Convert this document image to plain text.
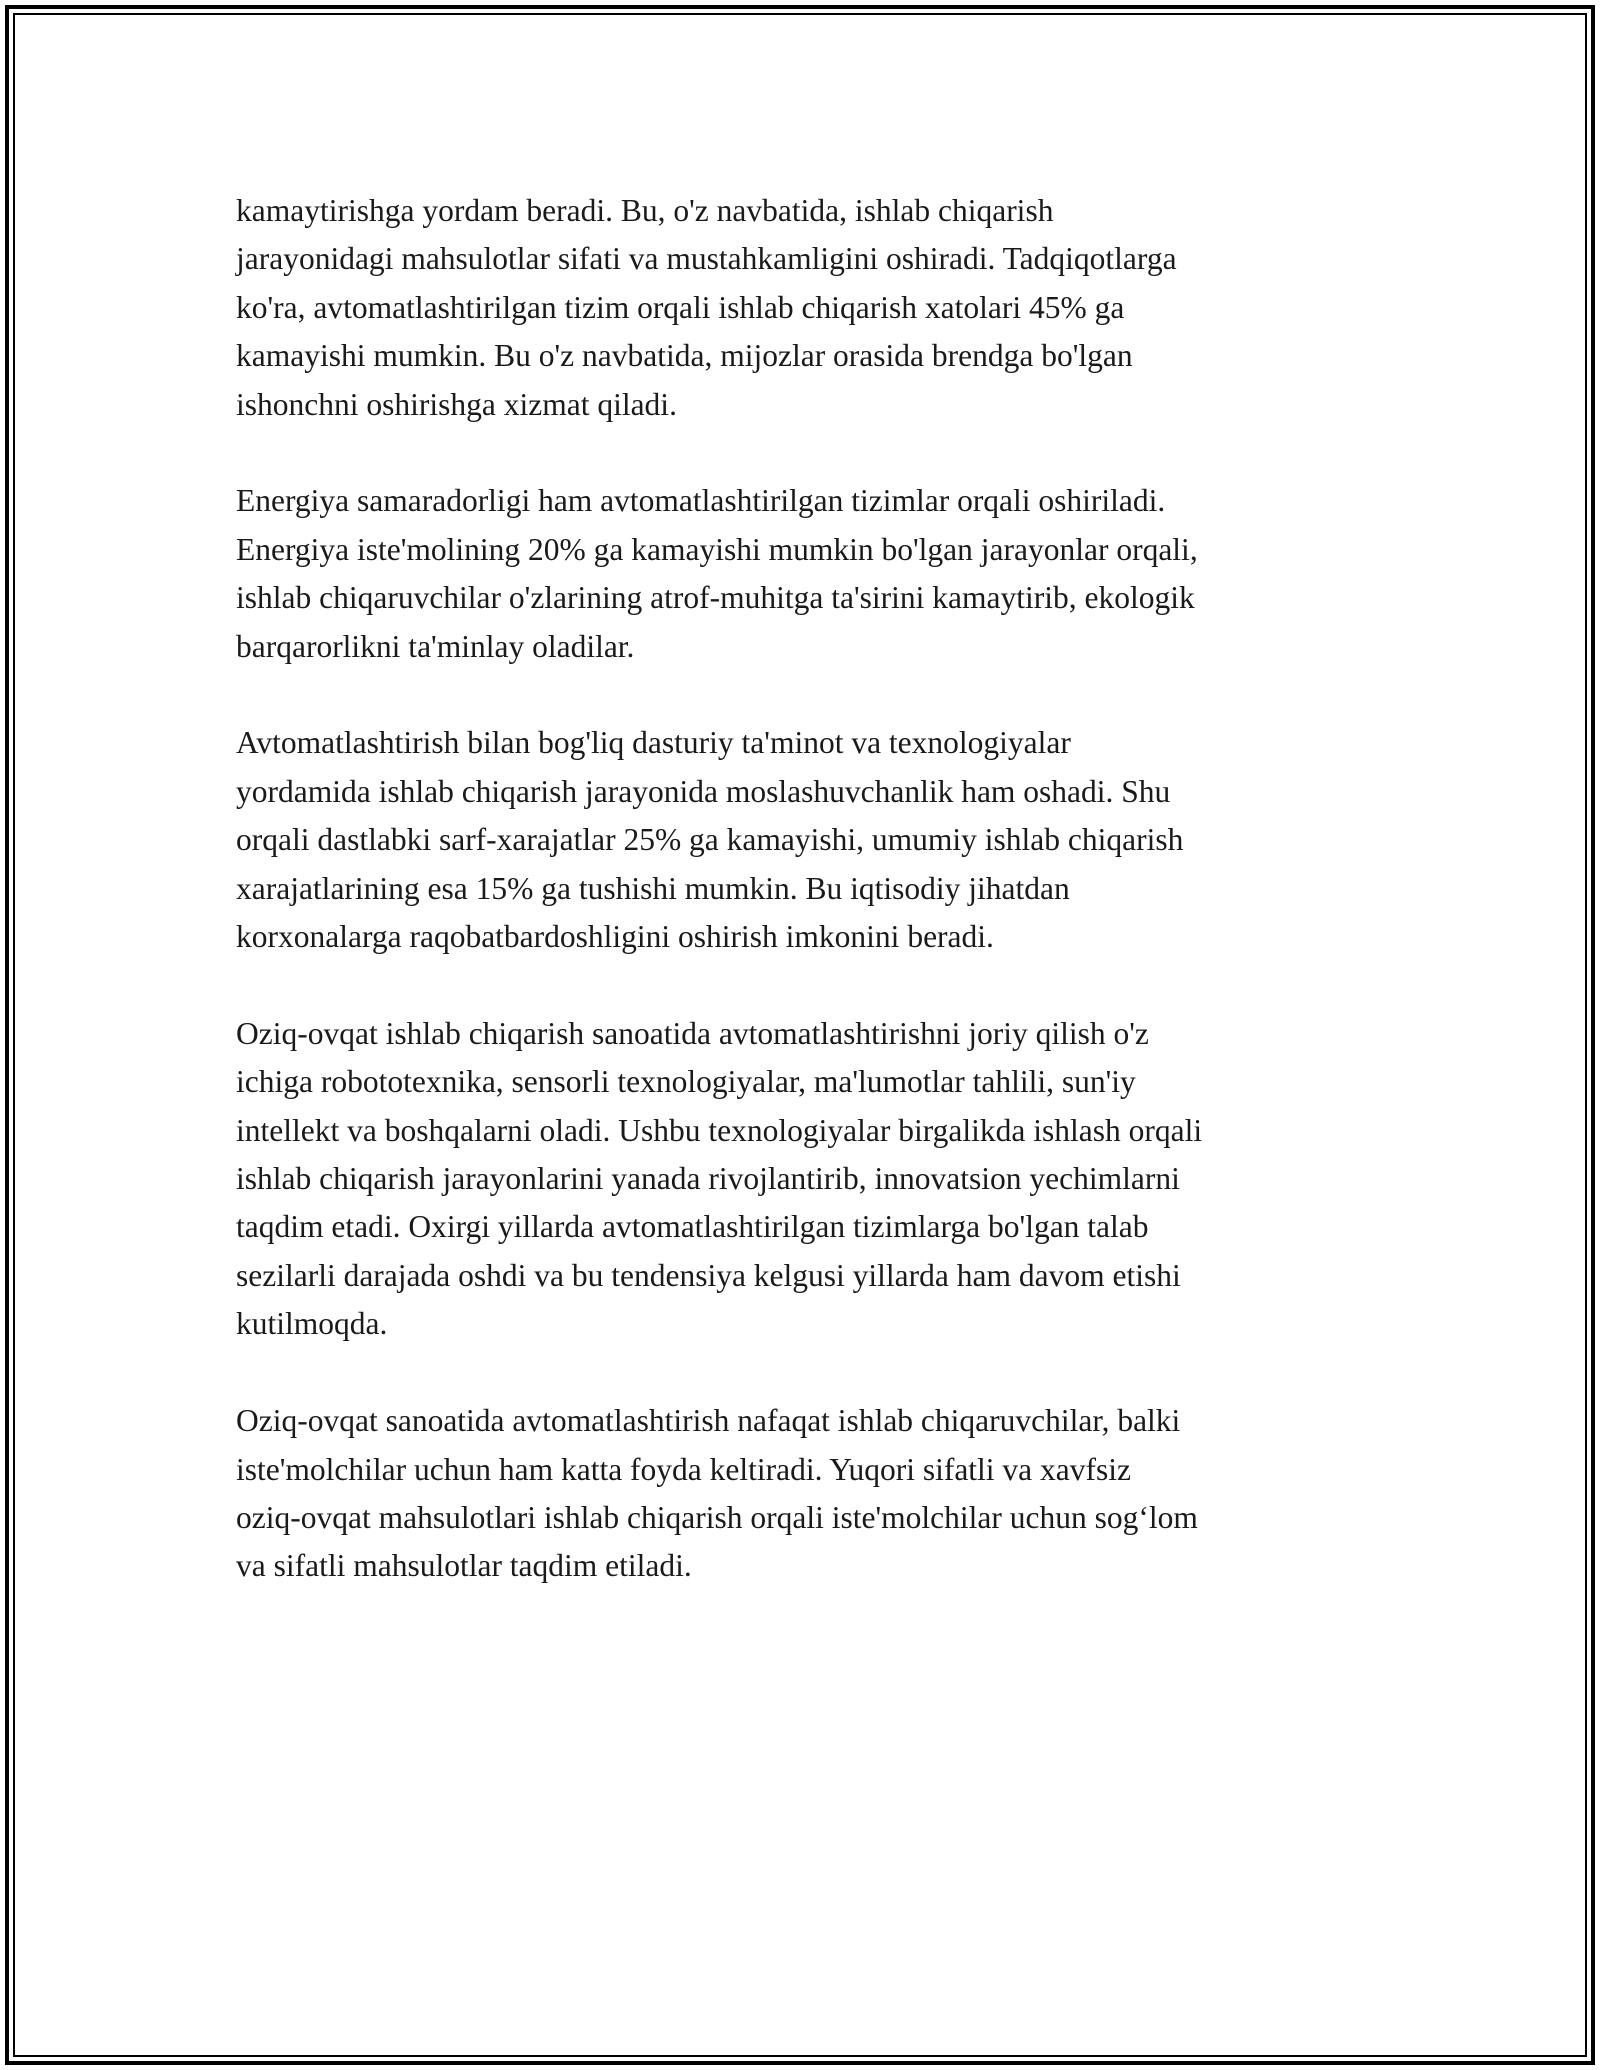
kamaytirishga yordam beradi. Bu, o'z navbatida, ishlab chiqarish
jarayonidagi mahsulotlar sifati va mustahkamligini oshiradi. Tadqiqotlarga
ko'ra, avtomatlashtirilgan tizim orqali ishlab chiqarish xatolari 45% ga
kamayishi mumkin. Bu o'z navbatida, mijozlar orasida brendga bo'lgan
ishonchni oshirishga xizmat qiladi.

Energiya samaradorligi ham avtomatlashtirilgan tizimlar orqali oshiriladi.
Energiya iste'molining 20% ga kamayishi mumkin bo'lgan jarayonlar orqali,
ishlab chiqaruvchilar o'zlarining atrof-muhitga ta'sirini kamaytirib, ekologik
barqarorlikni ta'minlay oladilar.

Avtomatlashtirish bilan bog'liq dasturiy ta'minot va texnologiyalar
yordamida ishlab chiqarish jarayonida moslashuvchanlik ham oshadi. Shu
orqali dastlabki sarf-xarajatlar 25% ga kamayishi, umumiy ishlab chiqarish
xarajatlarining esa 15% ga tushishi mumkin. Bu iqtisodiy jihatdan
korxonalarga raqobatbardoshligini oshirish imkonini beradi.

Oziq-ovqat ishlab chiqarish sanoatida avtomatlashtirishni joriy qilish o'z
ichiga robototexnika, sensorli texnologiyalar, ma'lumotlar tahlili, sun'iy
intellekt va boshqalarni oladi. Ushbu texnologiyalar birgalikda ishlash orqali
ishlab chiqarish jarayonlarini yanada rivojlantirib, innovatsion yechimlarni
taqdim etadi. Oxirgi yillarda avtomatlashtirilgan tizimlarga bo'lgan talab
sezilarli darajada oshdi va bu tendensiya kelgusi yillarda ham davom etishi
kutilmoqda.

Oziq-ovqat sanoatida avtomatlashtirish nafaqat ishlab chiqaruvchilar, balki
iste'molchilar uchun ham katta foyda keltiradi. Yuqori sifatli va xavfsiz
oziq-ovqat mahsulotlari ishlab chiqarish orqali iste'molchilar uchun sog‘lom
va sifatli mahsulotlar taqdim etiladi.
